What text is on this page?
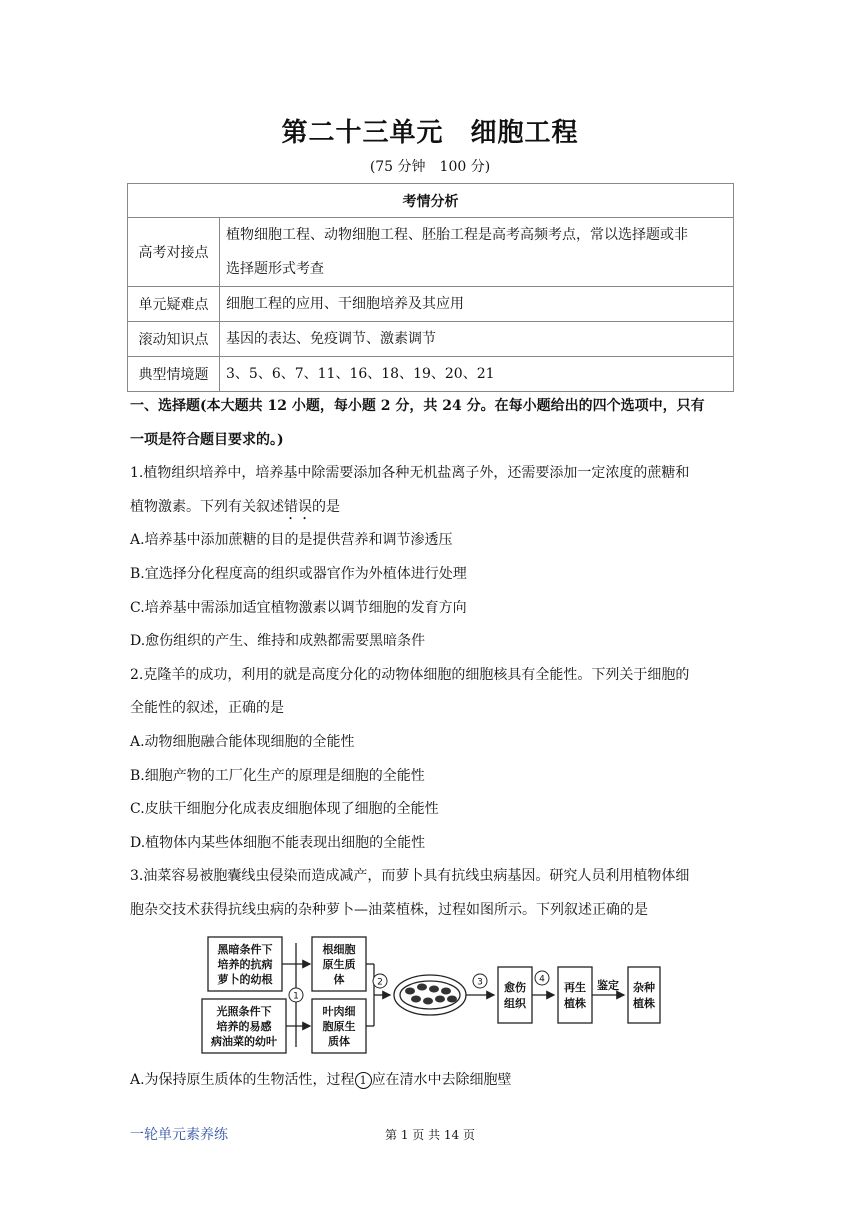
第二十三单元　细胞工程
(75 分钟　100 分)
考情分析	
高考对接点	植物细胞工程、动物细胞工程、胚胎工程是高考高频考点，常以选择题或非
选择题形式考查
单元疑难点	细胞工程的应用、干细胞培养及其应用
滚动知识点	基因的表达、免疫调节、激素调节
典型情境题	3、5、6、7、11、16、18、19、20、21

一、选择题(本大题共 12 小题，每小题 2 分，共 24 分。在每小题给出的四个选项中，只有

一项是符合题目要求的。)

1.植物组织培养中，培养基中除需要添加各种无机盐离子外，还需要添加一定浓度的蔗糖和

植物激素。下列有关叙述错误的是

A.培养基中添加蔗糖的目的是提供营养和调节渗透压

B.宜选择分化程度高的组织或器官作为外植体进行处理

C.培养基中需添加适宜植物激素以调节细胞的发育方向

D.愈伤组织的产生、维持和成熟都需要黑暗条件

2.克隆羊的成功，利用的就是高度分化的动物体细胞的细胞核具有全能性。下列关于细胞的

全能性的叙述，正确的是

A.动物细胞融合能体现细胞的全能性

B.细胞产物的工厂化生产的原理是细胞的全能性

C.皮肤干细胞分化成表皮细胞体现了细胞的全能性

D.植物体内某些体细胞不能表现出细胞的全能性

3.油菜容易被胞囊线虫侵染而造成减产，而萝卜具有抗线虫病基因。研究人员利用植物体细

胞杂交技术获得抗线虫病的杂种萝卜—油菜植株，过程如图所示。下列叙述正确的是

1
2	3	4
黑暗条件下
培养的抗病
萝卜的幼根
光照条件下
培养的易感
病油菜的幼叶
根细胞
原生质
体
叶肉细
胞原生
质体
愈伤
组织
再生
植株
杂种
植株
鉴定

A.为保持原生质体的生物活性，过程 1 应在清水中去除细胞壁

一轮单元素养练	第 1 页 共 14 页
